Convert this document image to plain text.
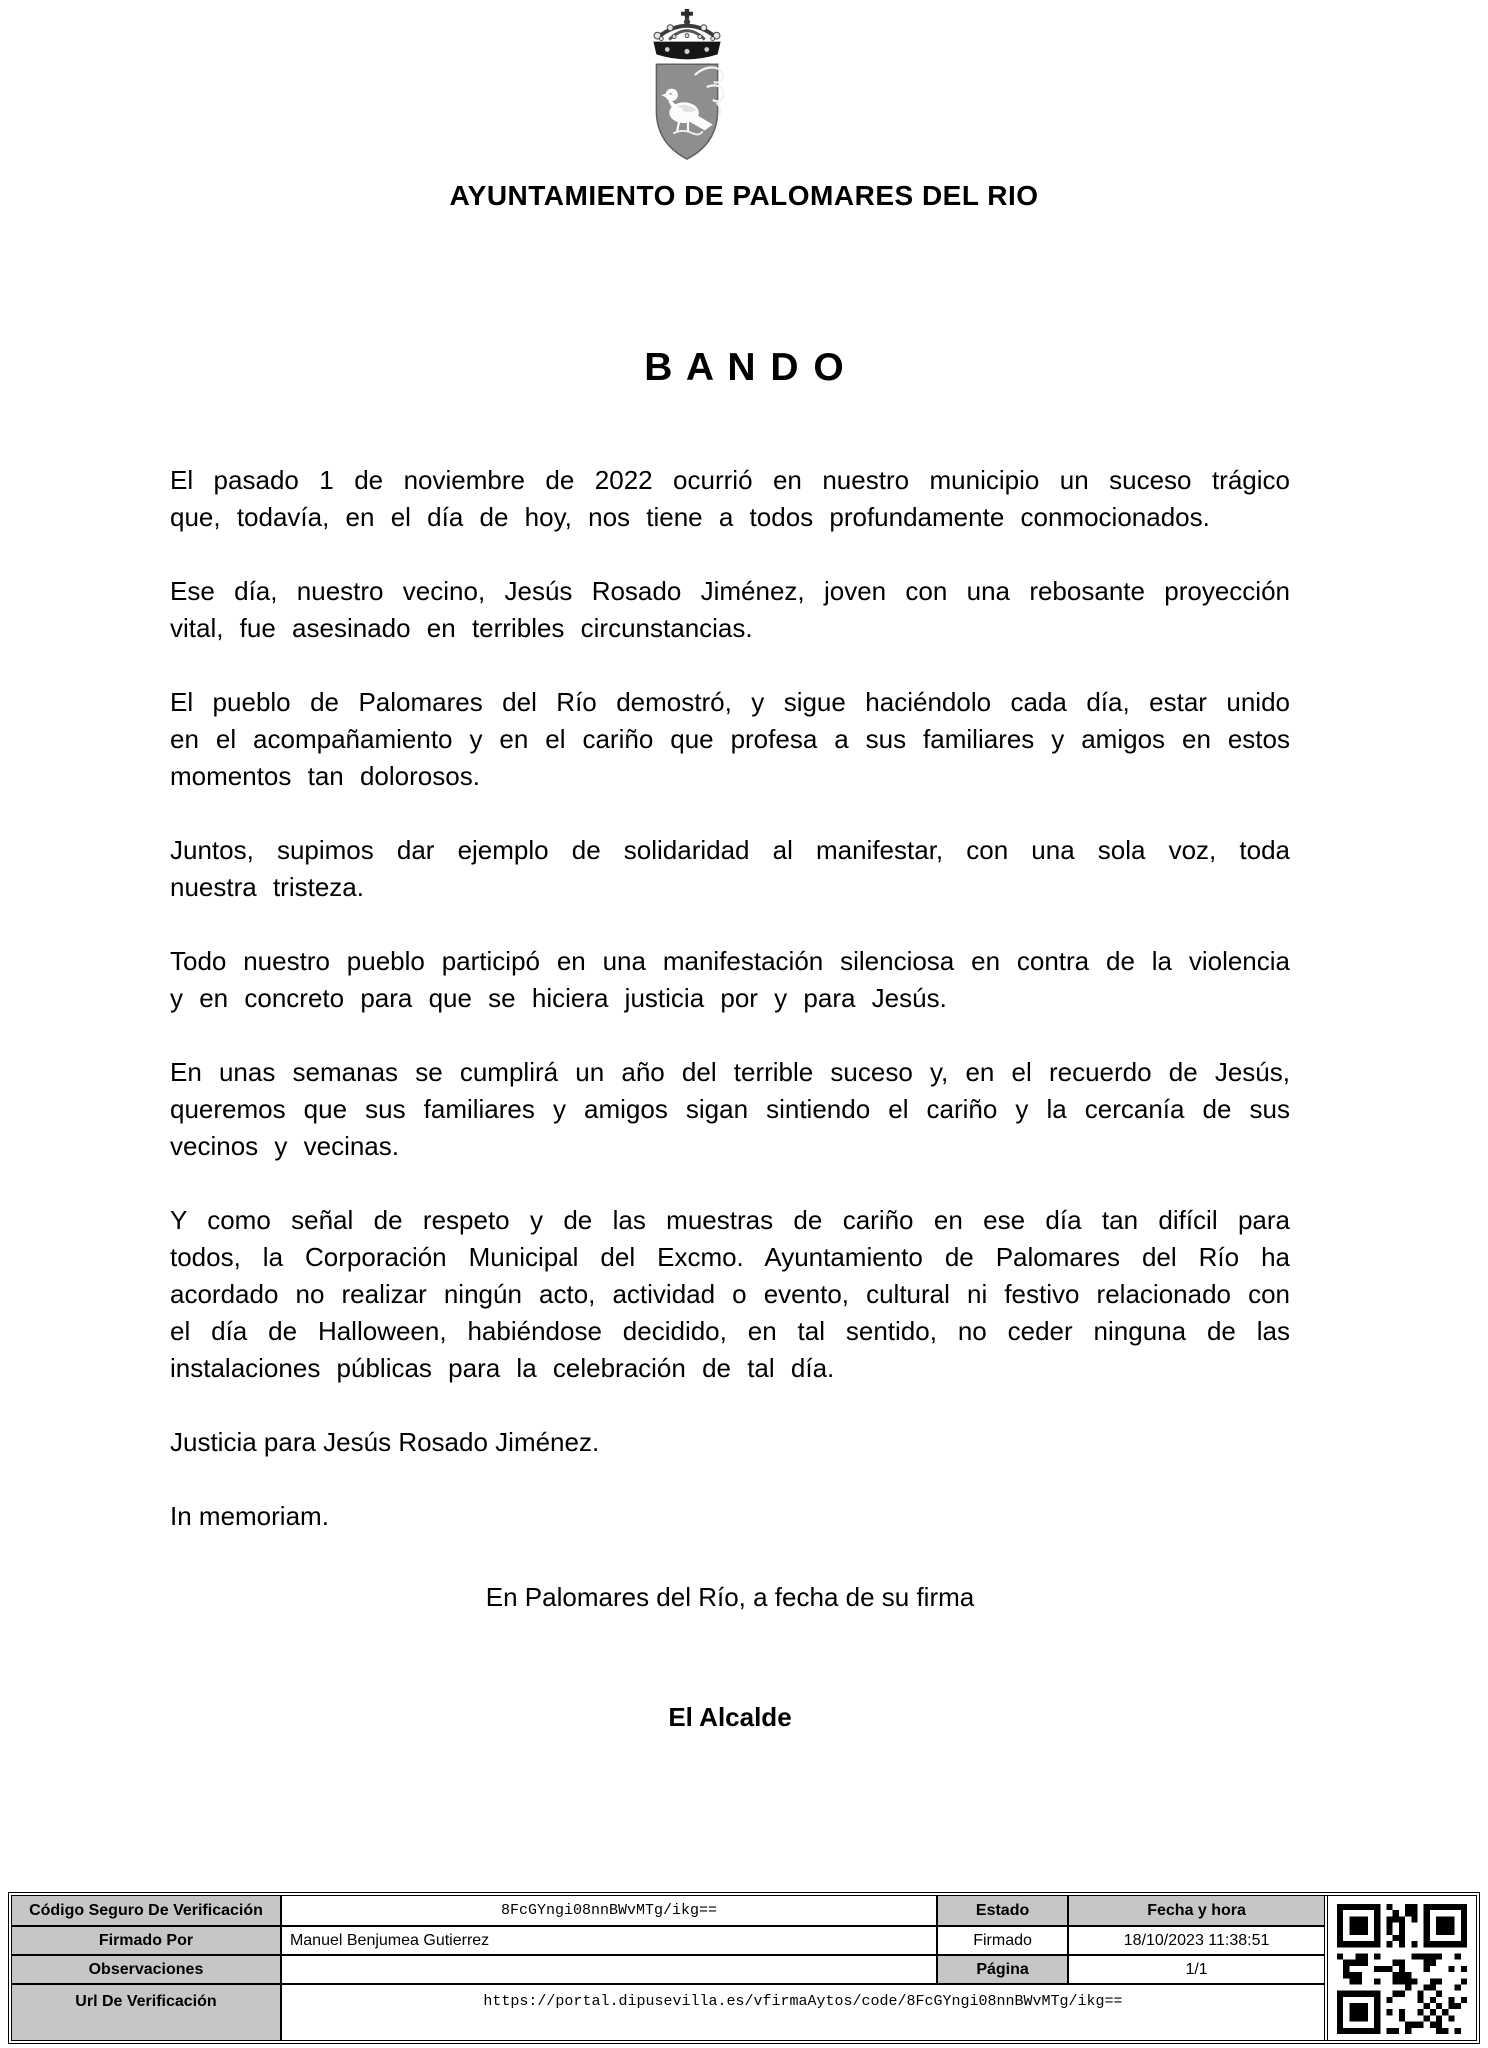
AYUNTAMIENTO DE PALOMARES DEL RIO
B A N D O

El pasado 1 de noviembre de 2022 ocurrió en nuestro municipio un suceso trágico que, todavía, en el día de hoy, nos tiene a todos profundamente conmocionados.

Ese día, nuestro vecino, Jesús Rosado Jiménez, joven con una rebosante proyección vital, fue asesinado en terribles circunstancias.

El pueblo de Palomares del Río demostró, y sigue haciéndolo cada día, estar unido en el acompañamiento y en el cariño que profesa a sus familiares y amigos en estos momentos tan dolorosos.

Juntos, supimos dar ejemplo de solidaridad al manifestar, con una sola voz, toda nuestra tristeza.

Todo nuestro pueblo participó en una manifestación silenciosa en contra de la violencia y en concreto para que se hiciera justicia por y para Jesús.

En unas semanas se cumplirá un año del terrible suceso y, en el recuerdo de Jesús, queremos que sus familiares y amigos sigan sintiendo el cariño y la cercanía de sus vecinos y vecinas.

Y como señal de respeto y de las muestras de cariño en ese día tan difícil para todos, la Corporación Municipal del Excmo. Ayuntamiento de Palomares del Río ha acordado no realizar ningún acto, actividad o evento, cultural ni festivo relacionado con el día de Halloween, habiéndose decidido, en tal sentido, no ceder ninguna de las instalaciones públicas para la celebración de tal día.

Justicia para Jesús Rosado Jiménez.

In memoriam.

En Palomares del Río, a fecha de su firma
El Alcalde
Código Seguro De Verificación	8FcGYngi08nnBWvMTg/ikg==	Estado	Fecha y hora
Firmado Por	Manuel Benjumea Gutierrez	Firmado	18/10/2023 11:38:51
Observaciones		Página	1/1
Url De Verificación	https://portal.dipusevilla.es/vfirmaAytos/code/8FcGYngi08nnBWvMTg/ikg==		
